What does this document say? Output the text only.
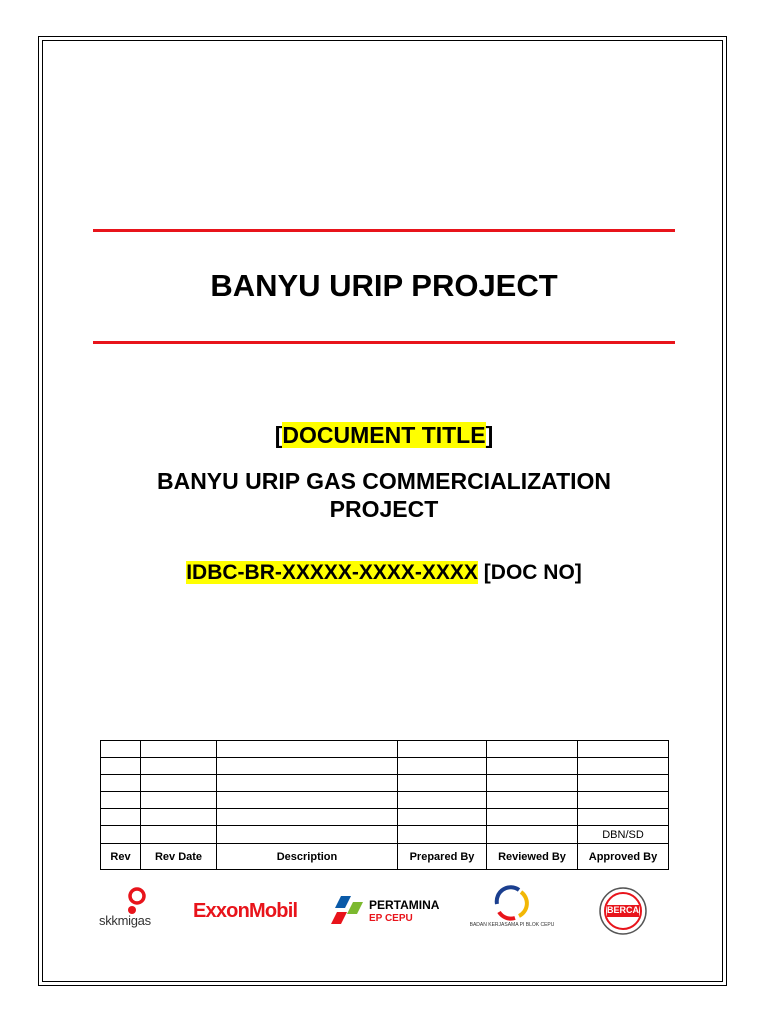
BANYU URIP PROJECT
[DOCUMENT TITLE]
BANYU URIP GAS COMMERCIALIZATION
PROJECT
IDBC-BR-XXXXX-XXXX-XXXX [DOC NO]

					DBN/SD
Rev	Rev Date	Description	Prepared By	Reviewed By	Approved By
skkmigas ExxonMobil	PERTAMINA
EP CEPU
BADAN KERJASAMA PI BLOK CEPU
BERCA
